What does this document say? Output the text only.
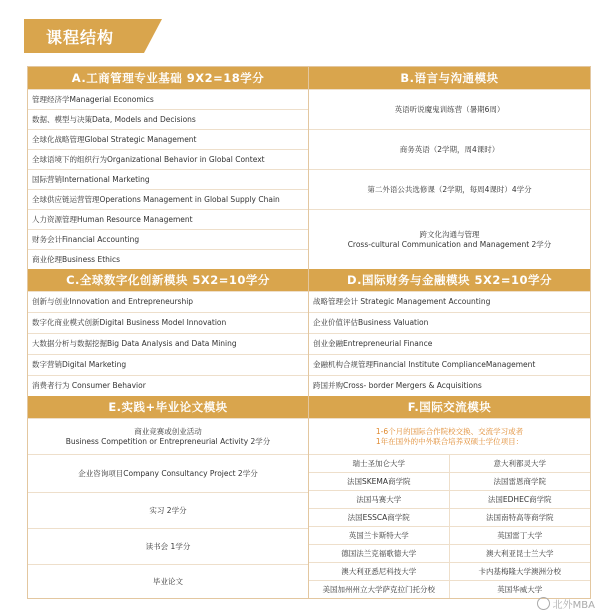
课程结构
A.工商管理专业基础 9X2=18学分
管理经济学Managerial Economics
数据、模型与决策Data, Models and Decisions
全球化战略管理Global Strategic Management
全球语境下的组织行为Organizational Behavior in Global Context
国际营销International Marketing
全球供应链运营管理Operations Management in Global Supply Chain
人力资源管理Human Resource Management
财务会计Financial Accounting
商业伦理Business Ethics
B.语言与沟通模块
英语听说魔鬼训练营（暑期6周）
商务英语（2学期，周4课时）
第二外语公共选修课（2学期，每周4课时）4学分
跨文化沟通与管理
Cross-cultural Communication and Management 2学分
C.全球数字化创新模块 5X2=10学分
创新与创业Innovation and Entrepreneurship
数字化商业模式创新Digital Business Model Innovation
大数据分析与数据挖掘Big Data Analysis and Data Mining
数字营销Digital Marketing
消费者行为 Consumer Behavior
D.国际财务与金融模块 5X2=10学分
战略管理会计 Strategic Management Accounting
企业价值评估Business Valuation
创业金融Entrepreneurial Finance
金融机构合规管理Financial Institute ComplianceManagement
跨国并购Cross- border Mergers & Acquisitions
E.实践+毕业论文模块
商业竞赛或创业活动
Business Competition or Entrepreneurial Activity 2学分
企业咨询项目Company Consultancy Project 2学分
实习 2学分
读书会 1学分
毕业论文
F.国际交流模块
1-6个月的国际合作院校交换、交流学习或者
1年在国外的中外联合培养双硕士学位项目：
瑞士圣加仑大学	意大利都灵大学
法国SKEMA商学院	法国雷恩商学院
法国马赛大学	法国EDHEC商学院
法国ESSCA商学院	法国南特高等商学院
英国兰卡斯特大学	英国雷丁大学
德国法兰克福歌德大学	澳大利亚昆士兰大学
澳大利亚悉尼科技大学	卡内基梅隆大学澳洲分校
美国加州州立大学萨克拉门托分校	英国华威大学
北外MBA
